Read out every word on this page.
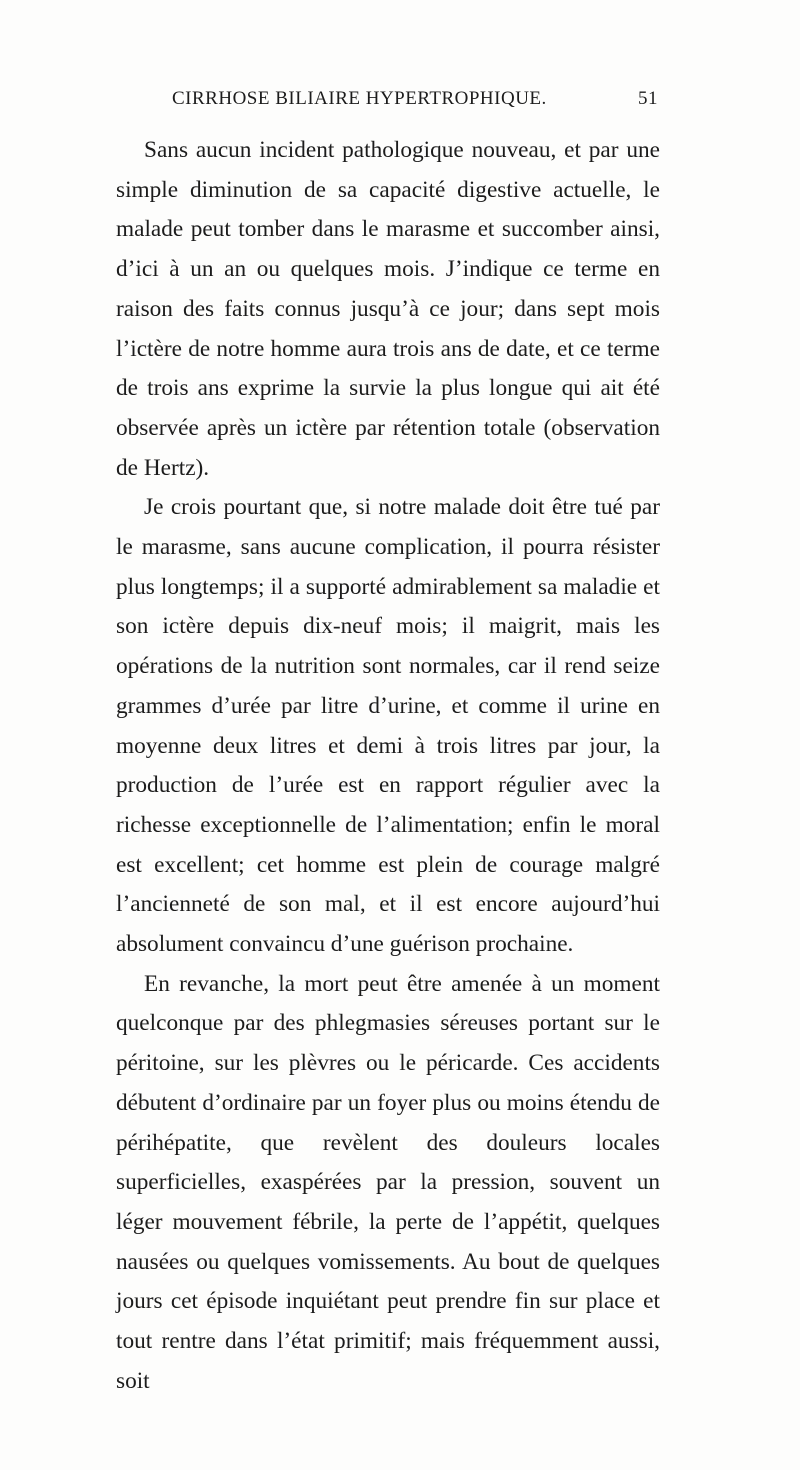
CIRRHOSE BILIAIRE HYPERTROPHIQUE.	51

Sans aucun incident pathologique nouveau, et par une simple diminution de sa capacité digestive actuelle, le malade peut tomber dans le marasme et succomber ainsi, d’ici à un an ou quelques mois. J’indique ce terme en raison des faits connus jusqu’à ce jour; dans sept mois l’ictère de notre homme aura trois ans de date, et ce terme de trois ans exprime la survie la plus longue qui ait été observée après un ictère par rétention totale (observation de Hertz).

Je crois pourtant que, si notre malade doit être tué par le marasme, sans aucune complication, il pourra résister plus longtemps; il a supporté admirablement sa maladie et son ictère depuis dix-neuf mois; il maigrit, mais les opérations de la nutrition sont normales, car il rend seize grammes d’urée par litre d’urine, et comme il urine en moyenne deux litres et demi à trois litres par jour, la production de l’urée est en rapport régulier avec la richesse exceptionnelle de l’alimentation; enfin le moral est excellent; cet homme est plein de courage malgré l’ancienneté de son mal, et il est encore aujourd’hui absolument convaincu d’une guérison prochaine.

En revanche, la mort peut être amenée à un moment quelconque par des phlegmasies séreuses portant sur le péritoine, sur les plèvres ou le péricarde. Ces accidents débutent d’ordinaire par un foyer plus ou moins étendu de périhépatite, que revèlent des douleurs locales superficielles, exaspérées par la pression, souvent un léger mouvement fébrile, la perte de l’appétit, quelques nausées ou quelques vomissements. Au bout de quelques jours cet épisode inquiétant peut prendre fin sur place et tout rentre dans l’état primitif; mais fréquemment aussi, soit
